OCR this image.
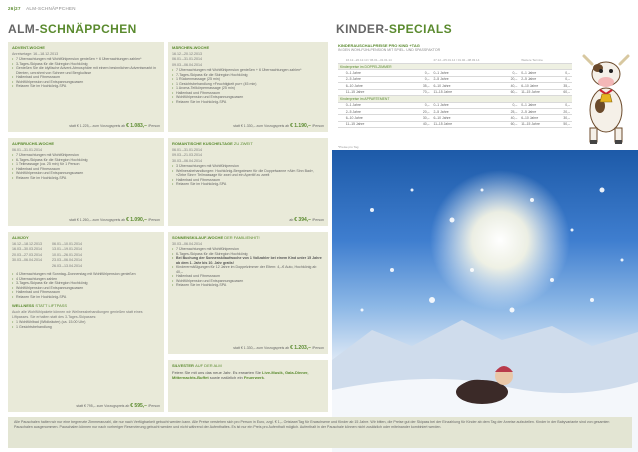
26|27 ALM-SCHNÄPPCHEN
ALM-SCHNÄPPCHEN	KINDER-SPECIALS
ADVENT-WOCHE
Anreisetage: 16.–18.12.2013
• 7 Übernachtungen mit Wohlfühlpension genießen + 6 Übernachtungen zahlen*
• 3-Tages-Skipass für die Skiregion Hochkönig
• Genießen Sie die idyllische Advent-Atmosphäre mit einem besinnlichen Adventsmarkt in Dienten, umrahmt von Schnee und Bergkulisse
• Hallenbad und Fitnessraum
• Wohlfühlpension und Entspannungsoasen
• Relaxen Sie im Hochkönig-SPA
statt € 1.225,– zum Vorzugspreis ab € 1.083,– /Person
MÄRCHEN-WOCHE
16.12.–20.12.2013
06.01.–31.01.2014
09.03.–06.04.2014
• 7 Übernachtungen mit Wohlfühlpension genießen + 6 Übernachtungen zahlen*
• 7-Tages-Skipass für die Skiregion Hochkönig
• 1 Rückenmassage (25 min)
• 1 Gesichtsbehandlung »Feuchtigkeit pur« (45 min)
• 1 Aroma-Teilkörpermassage (25 min)
• Hallenbad und Fitnessraum
• Wohlfühlpension und Entspannungsoasen
• Relaxen Sie im Hochkönig-SPA
statt € 1.330,– zum Vorzugspreis ab € 1.190,– /Person
AUFBRUCHS-WOCHE
06.01.–31.01.2014
• 7 Übernachtungen mit Wohlfühlpension
• 6-Tages-Skipass für die Skiregion Hochkönig
• 1 Teilmassage (ca. 25 min) für 1 Person
• Hallenbad und Fitnessraum
• Wohlfühlpension und Entspannungsoasen
• Relaxen Sie im Hochkönig-SPA
statt € 1.260,– zum Vorzugspreis ab € 1.090,– /Person
ROMANTISCHE KUSCHELTAGE ZU ZWEIT
06.01.–31.01.2014
09.03.–21.03.2014
30.03.–06.04.2014
• 3 Übernachtungen mit Wohlfühlpension
• Wellnessbehandlungen: Hochkönig-Bergwiesen für die Doppelwanne »Alm Sinn Bad«, »Zirbe Sinn« Teilmassage für zwei und ein Aperitif zu zweit
• Hallenbad und Fitnessraum
• Relaxen Sie im Hochkönig-SPA
ab € 394,– /Person
ALMJOY
16.12.–18.12.2013
16.03.–30.03.2014
20.03.–27.03.2014
30.03.–06.04.2014
06.01.–10.01.2014
13.01.–19.01.2014
10.01.–26.01.2014
23.03.–06.04.2014
26.03.–13.04.2014
• 4 Übernachtungen mit Sonntag–Donnerstag mit Wohlfühlpension genießen
• 4 Übernachtungen zahlen
• 3-Tages-Skipass für die Skiregion Hochkönig
• Wohlfühlpension und Entspannungsoasen
• Hallenbad und Fitnessraum
• Relaxen Sie im Hochkönig-SPA
WELLNESS STATT LIFTPASS
Auch alle Wohlfühlpakete können wir Wellnessbehandlungen genießen statt eines Liftpasses. Sie erhalten statt des 3-Tages-Skipasses:
• 1 Wohlfühlbad (Wildkräuter) (ca. 15.00 Uhr)
• 1 Gesichtsbehandlung
statt € 795,– zum Vorzugspreis ab € 595,– /Person
SONNENSKILAUF-WOCHE DER FAMILIENHIT!
30.03.–06.04.2014
• 7 Übernachtungen mit Wohlfühlpension
• 6-Tages-Skipass für die Skiregion Hochkönig
• Bei Buchung der Sonnenskilaufwoche von 1 Vollzahler bei einem Kind unter 15 Jahre ab dem 1. Jahr bis 10. Jahr gratis!
• Kinderermäßigungen für 12 Jahre im Doppelzimmer der Eltern: 4,–€ Auto, Hochkönig ab 40,–
• Hallenbad und Fitnessraum
• Wohlfühlpension und Entspannungsoasen
• Relaxen Sie im Hochkönig-SPA
statt € 1.330,– zum Vorzugspreis ab € 1.203,– /Person
SILVESTER AUF DER ALM
Feiern Sie mit uns das neue Jahr. Es erwarten Sie Live-Musik, Gala-Dinner, Mitternachts-Buffet sowie natürlich ein Feuerwerk.
KINDERAUSCHALPREISE PRO KIND +TAG
IN DEN WOHLFÜHLPENSION MIT SPIEL- UND SPASSFAKTOR
	16.12.–20.12.13 / 06.01.–31.01.14		27.12.–05.01.14 / 01.02.–08.03.14		Weitere Termine	
Kinderpreise im DOPPELZIMMER						
	0–1 Jahre	0,–	0–1 Jahre	0,–	0–1 Jahre	0,–
	2–5 Jahre	0,–	2–5 Jahre	20,–	2–5 Jahre	0,–
	6–10 Jahre	35,–	6–10 Jahre	40,–	6–10 Jahre	35,–
	11–15 Jahre	70,–	11–15 Jahre	60,–	11–15 Jahre	60,–
Kinderpreise im APPARTEMENT						
	0–1 Jahre	0,–	0–1 Jahre	0,–	0–1 Jahre	0,–
	2–5 Jahre	20,–	2–5 Jahre	25,–	2–5 Jahre	20,–
	6–10 Jahre	30,–	6–10 Jahre	40,–	6–10 Jahre	30,–
	11–15 Jahre	40,–	11–15 Jahre	60,–	11–15 Jahre	50,–
*Preise pro Tag
Alle Pauschalen halten wir nur eine begrenzte Zimmeranzahl, die nur nach Verfügbarkeit gebucht werden kann. Alle Preise verstehen sich pro Person in Euro, zzgl. € 1,– Ortstaxe/Tag für Erwachsene und Kinder ab 15 Jahre. Wir bitten, die Preise gut der Skipass bei der Einzahlung für Kinder ab dem Tag der Anreise aufzuteilen. Kinder in der Babyvariante sind von gesamten Pauschalen ausgenommen. Pauschalen können nur nach vorheriger Reservierung gebucht werden und nicht während der Aufenthaltes. Es ist nur ein Preis pro Aufenthalt möglich. Aufenthalt in der Pauschale können nicht zusätzlich oder miteinander kombiniert werden.
